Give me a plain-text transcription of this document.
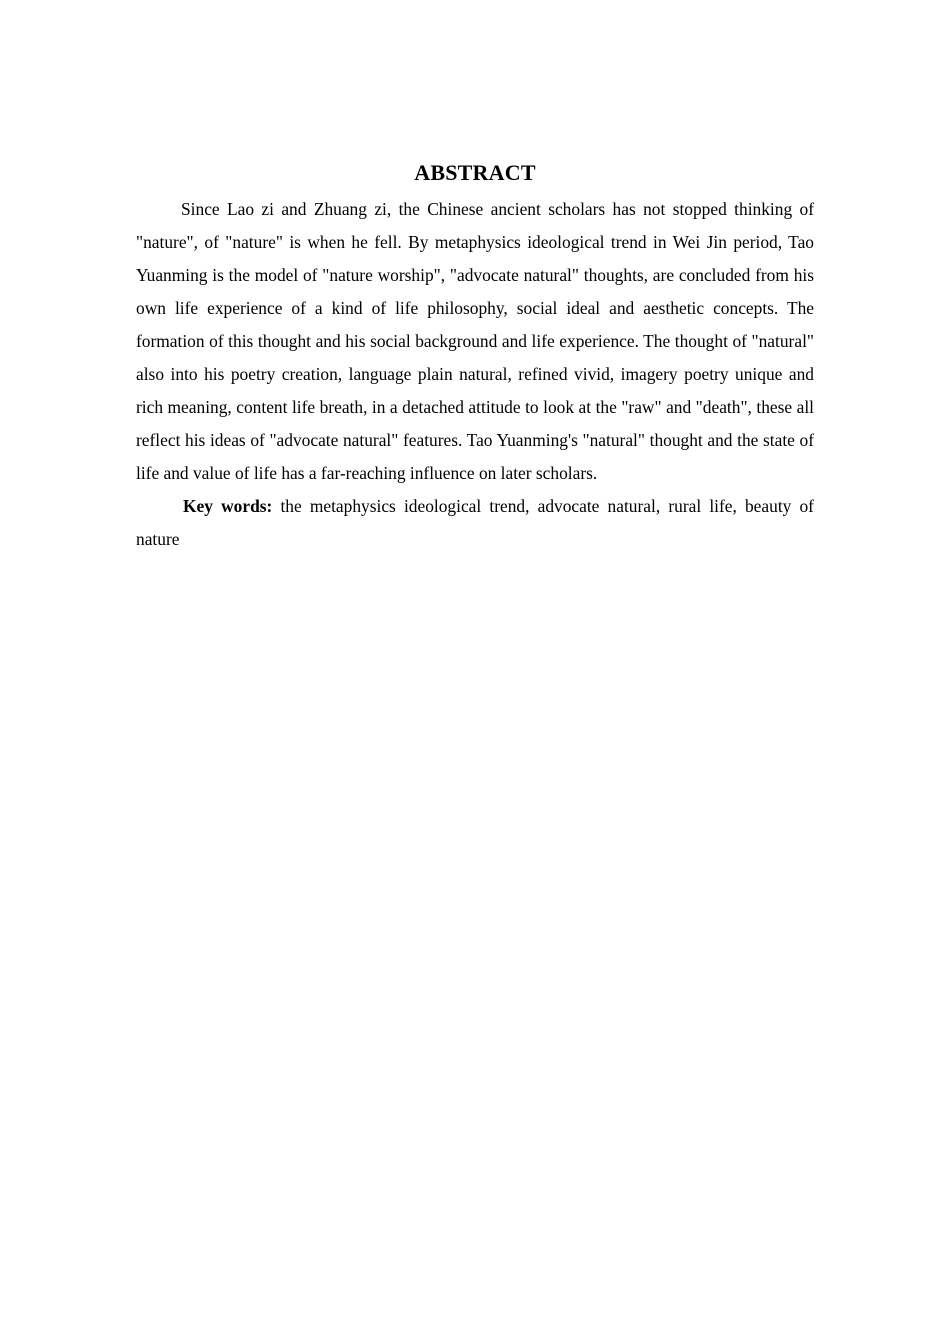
ABSTRACT

Since Lao zi and Zhuang zi, the Chinese ancient scholars has not stopped thinking of "nature", of "nature" is when he fell. By metaphysics ideological trend in Wei Jin period, Tao Yuanming is the model of "nature worship", "advocate natural" thoughts, are concluded from his own life experience of a kind of life philosophy, social ideal and aesthetic concepts. The formation of this thought and his social background and life experience. The thought of "natural" also into his poetry creation, language plain natural, refined vivid, imagery poetry unique and rich meaning, content life breath, in a detached attitude to look at the "raw" and "death", these all reflect his ideas of "advocate natural" features. Tao Yuanming's "natural" thought and the state of life and value of life has a far-reaching influence on later scholars.

Key words: the metaphysics ideological trend, advocate natural, rural life, beauty of nature
